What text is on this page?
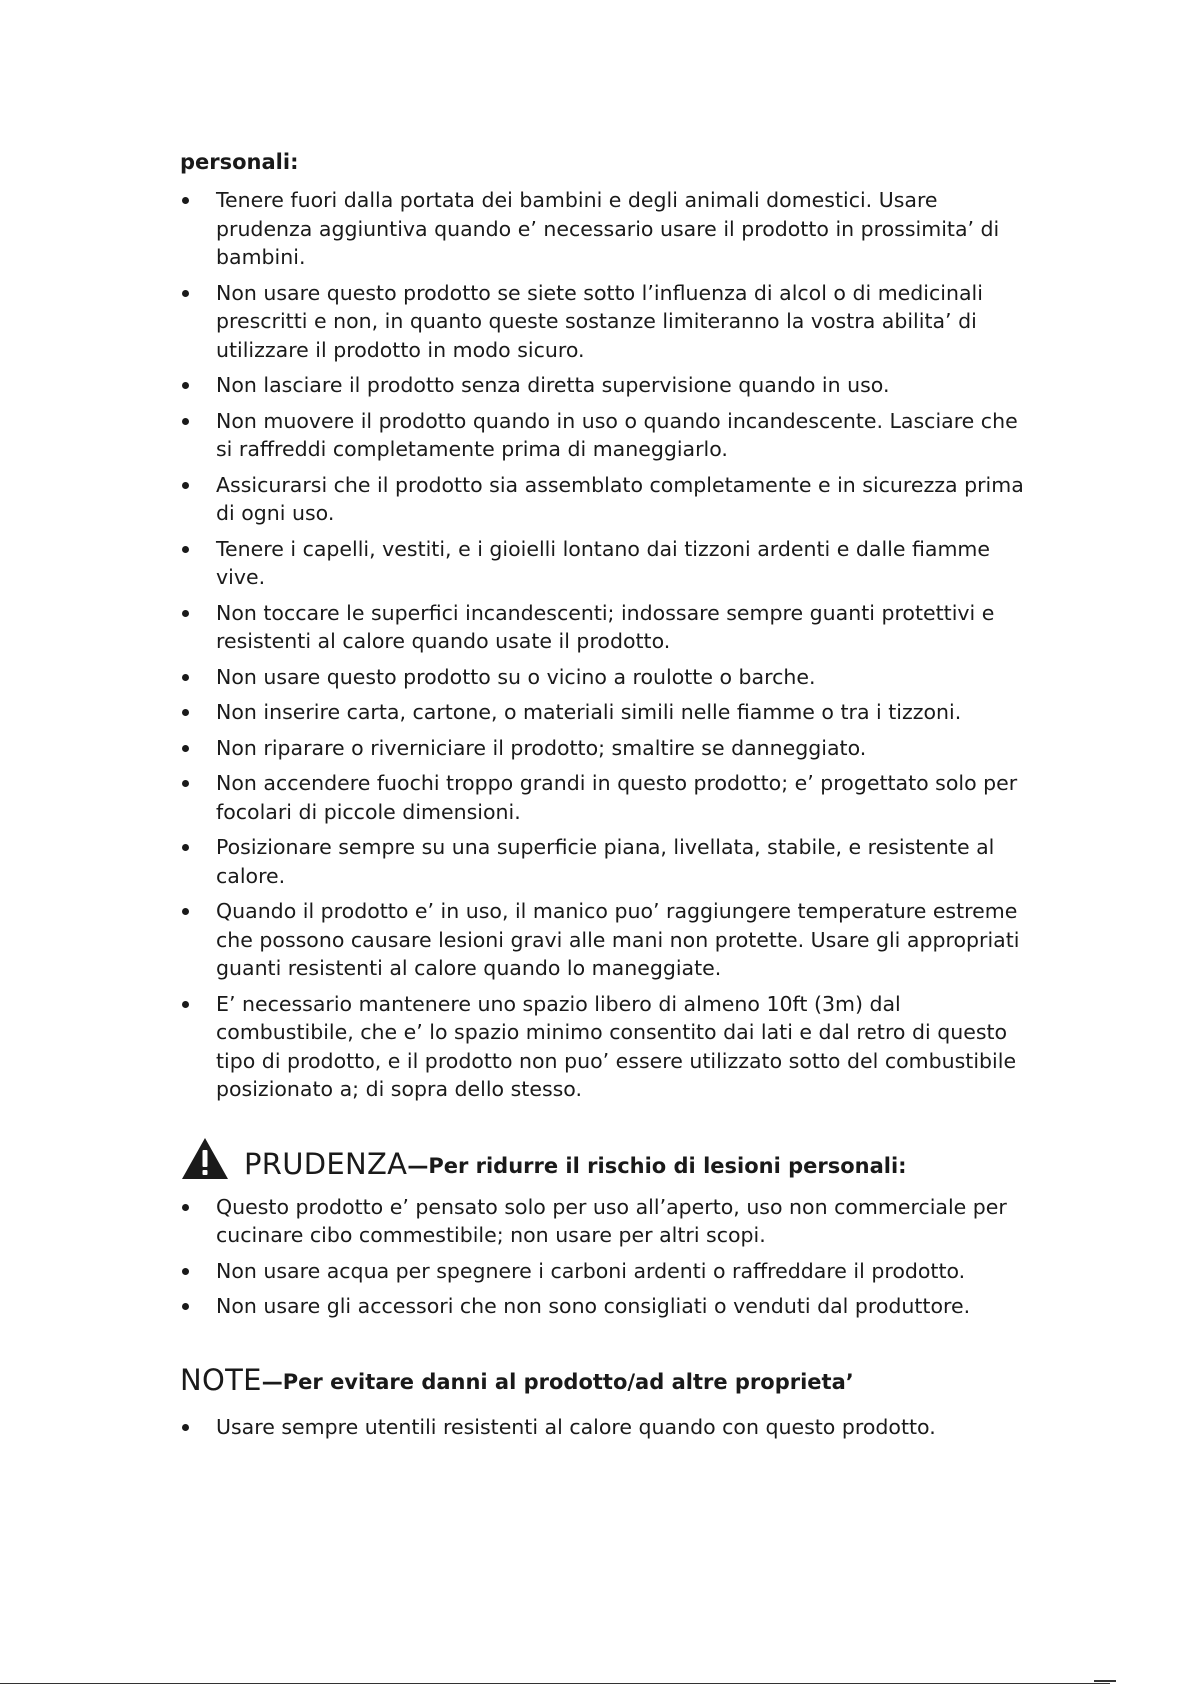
personali:
Tenere fuori dalla portata dei bambini e degli animali domestici. Usare prudenza aggiuntiva quando e’ necessario usare il prodotto in prossimita’ di bambini.
Non usare questo prodotto se siete sotto l’influenza di alcol o di medicinali prescritti e non, in quanto queste sostanze limiteranno la vostra abilita’ di utilizzare il prodotto in modo sicuro.
Non lasciare il prodotto senza diretta supervisione quando in uso.
Non muovere il prodotto quando in uso o quando incandescente. Lasciare che si raffreddi completamente prima di maneggiarlo.
Assicurarsi che il prodotto sia assemblato completamente e in sicurezza prima di ogni uso.
Tenere i capelli, vestiti, e i gioielli lontano dai tizzoni ardenti e dalle fiamme vive.
Non toccare le superfici incandescenti; indossare sempre guanti protettivi e resistenti al calore quando usate il prodotto.
Non usare questo prodotto su o vicino a roulotte o barche.
Non inserire carta, cartone, o materiali simili nelle fiamme o tra i tizzoni.
Non riparare o riverniciare il prodotto; smaltire se danneggiato.
Non accendere fuochi troppo grandi in questo prodotto; e’ progettato solo per focolari di piccole dimensioni.
Posizionare sempre su una superficie piana, livellata, stabile, e resistente al calore.
Quando il prodotto e’ in uso, il manico puo’ raggiungere temperature estreme che possono causare lesioni gravi alle mani non protette. Usare gli appropriati guanti resistenti al calore quando lo maneggiate.
E’ necessario mantenere uno spazio libero di almeno 10ft (3m) dal combustibile, che e’ lo spazio minimo consentito dai lati e dal retro di questo tipo di prodotto, e il prodotto non puo’ essere utilizzato sotto del combustibile posizionato a; di sopra dello stesso.
PRUDENZA —Per ridurre il rischio di lesioni personali:
Questo prodotto e’ pensato solo per uso all’aperto, uso non commerciale per cucinare cibo commestibile; non usare per altri scopi.
Non usare acqua per spegnere i carboni ardenti o raffreddare il prodotto.
Non usare gli accessori che non sono consigliati o venduti dal produttore.
NOTE —Per evitare danni al prodotto/ad altre proprieta’
Usare sempre utentili resistenti al calore quando con questo prodotto.
